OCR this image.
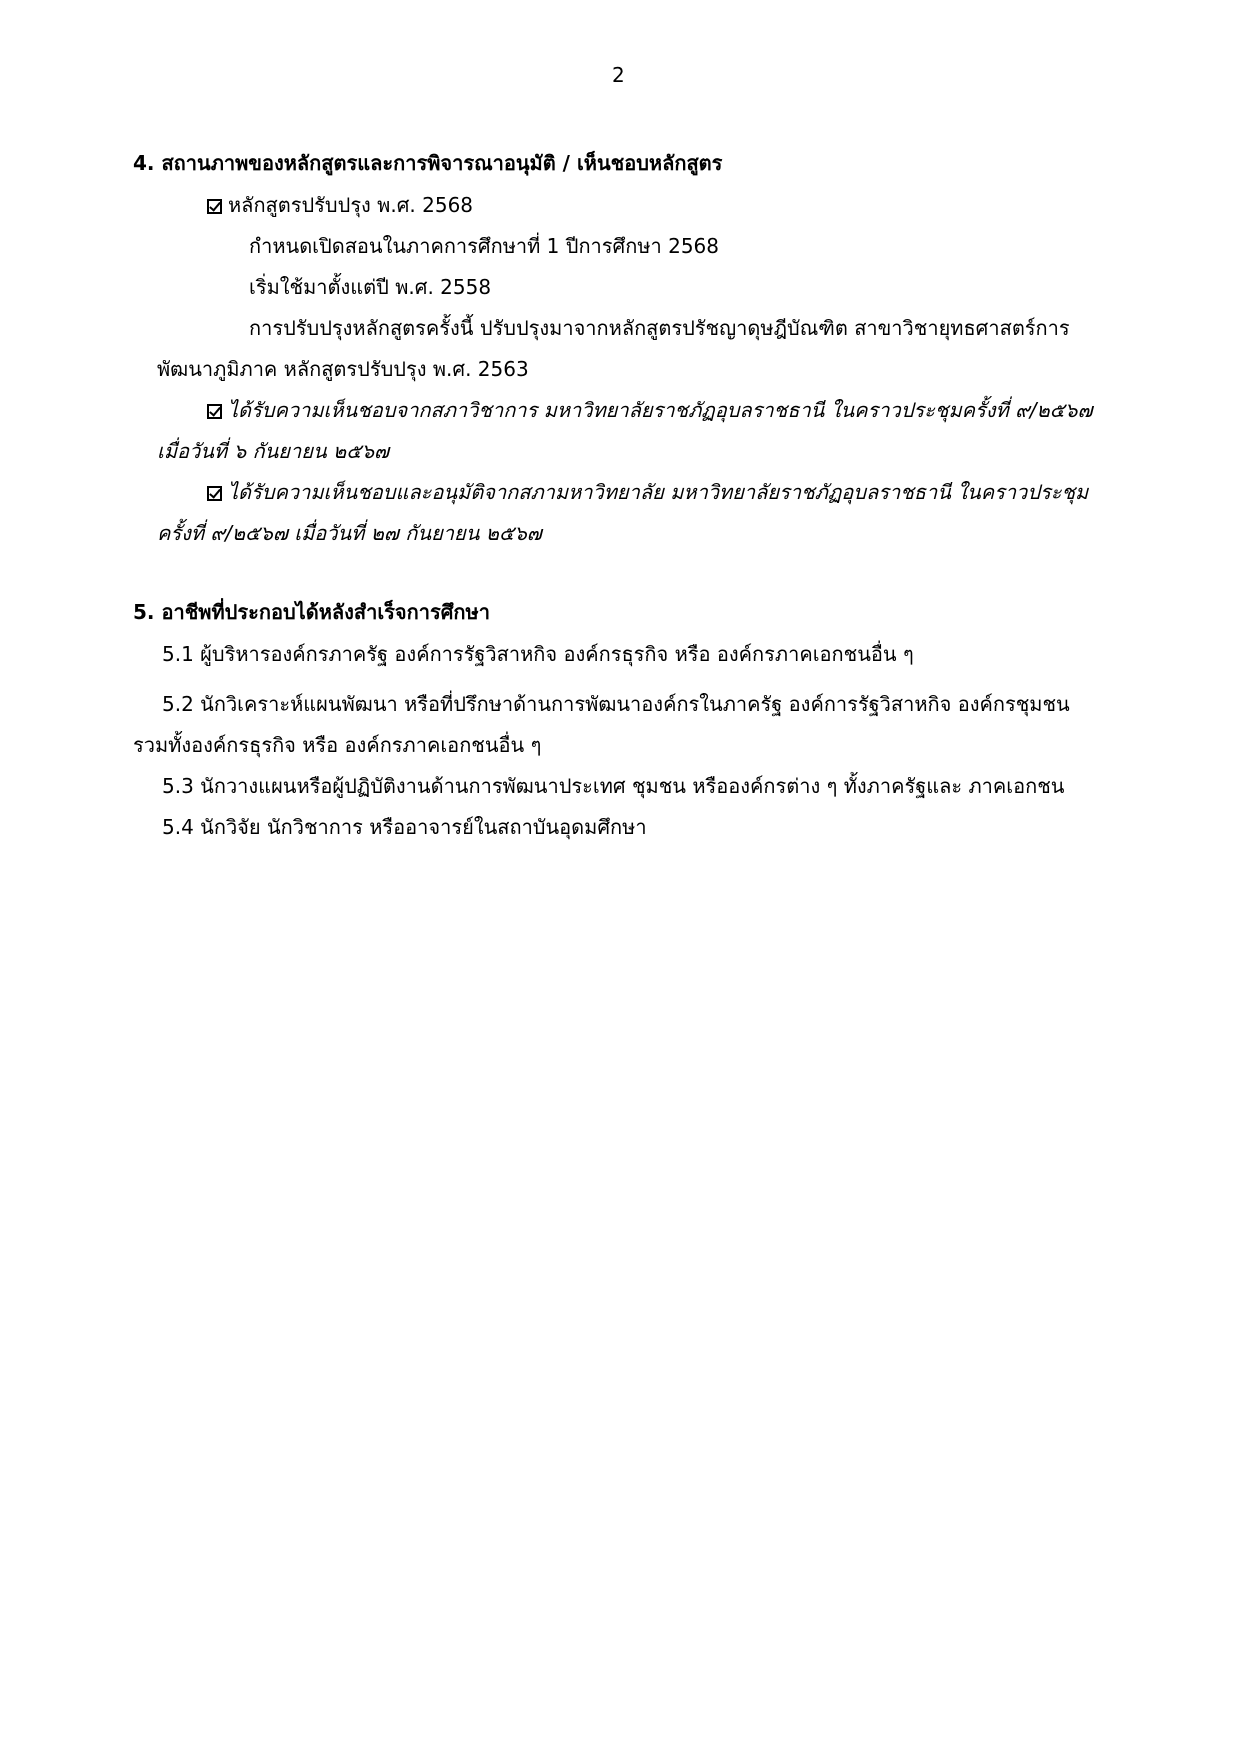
2
4. สถานภาพของหลักสูตรและการพิจารณาอนุมัติ / เห็นชอบหลักสูตร
หลักสูตรปรับปรุง พ.ศ. 2568
กำหนดเปิดสอนในภาคการศึกษาที่ 1 ปีการศึกษา 2568
เริ่มใช้มาตั้งแต่ปี พ.ศ. 2558
การปรับปรุงหลักสูตรครั้งนี้ ปรับปรุงมาจากหลักสูตรปรัชญาดุษฎีบัณฑิต สาขาวิชายุทธศาสตร์การ
พัฒนาภูมิภาค หลักสูตรปรับปรุง พ.ศ. 2563
ได้รับความเห็นชอบจากสภาวิชาการ มหาวิทยาลัยราชภัฏอุบลราชธานี ในคราวประชุมครั้งที่ ๙/๒๕๖๗
เมื่อวันที่ ๖ กันยายน ๒๕๖๗
ได้รับความเห็นชอบและอนุมัติจากสภามหาวิทยาลัย มหาวิทยาลัยราชภัฏอุบลราชธานี ในคราวประชุม
ครั้งที่ ๙/๒๕๖๗ เมื่อวันที่ ๒๗ กันยายน ๒๕๖๗
5. อาชีพที่ประกอบได้หลังสำเร็จการศึกษา
5.1 ผู้บริหารองค์กรภาครัฐ องค์การรัฐวิสาหกิจ องค์กรธุรกิจ หรือ องค์กรภาคเอกชนอื่น ๆ
5.2 นักวิเคราะห์แผนพัฒนา หรือที่ปรึกษาด้านการพัฒนาองค์กรในภาครัฐ องค์การรัฐวิสาหกิจ องค์กรชุมชน
รวมทั้งองค์กรธุรกิจ หรือ องค์กรภาคเอกชนอื่น ๆ
5.3 นักวางแผนหรือผู้ปฏิบัติงานด้านการพัฒนาประเทศ ชุมชน หรือองค์กรต่าง ๆ ทั้งภาครัฐและ ภาคเอกชน
5.4 นักวิจัย นักวิชาการ หรืออาจารย์ในสถาบันอุดมศึกษา
